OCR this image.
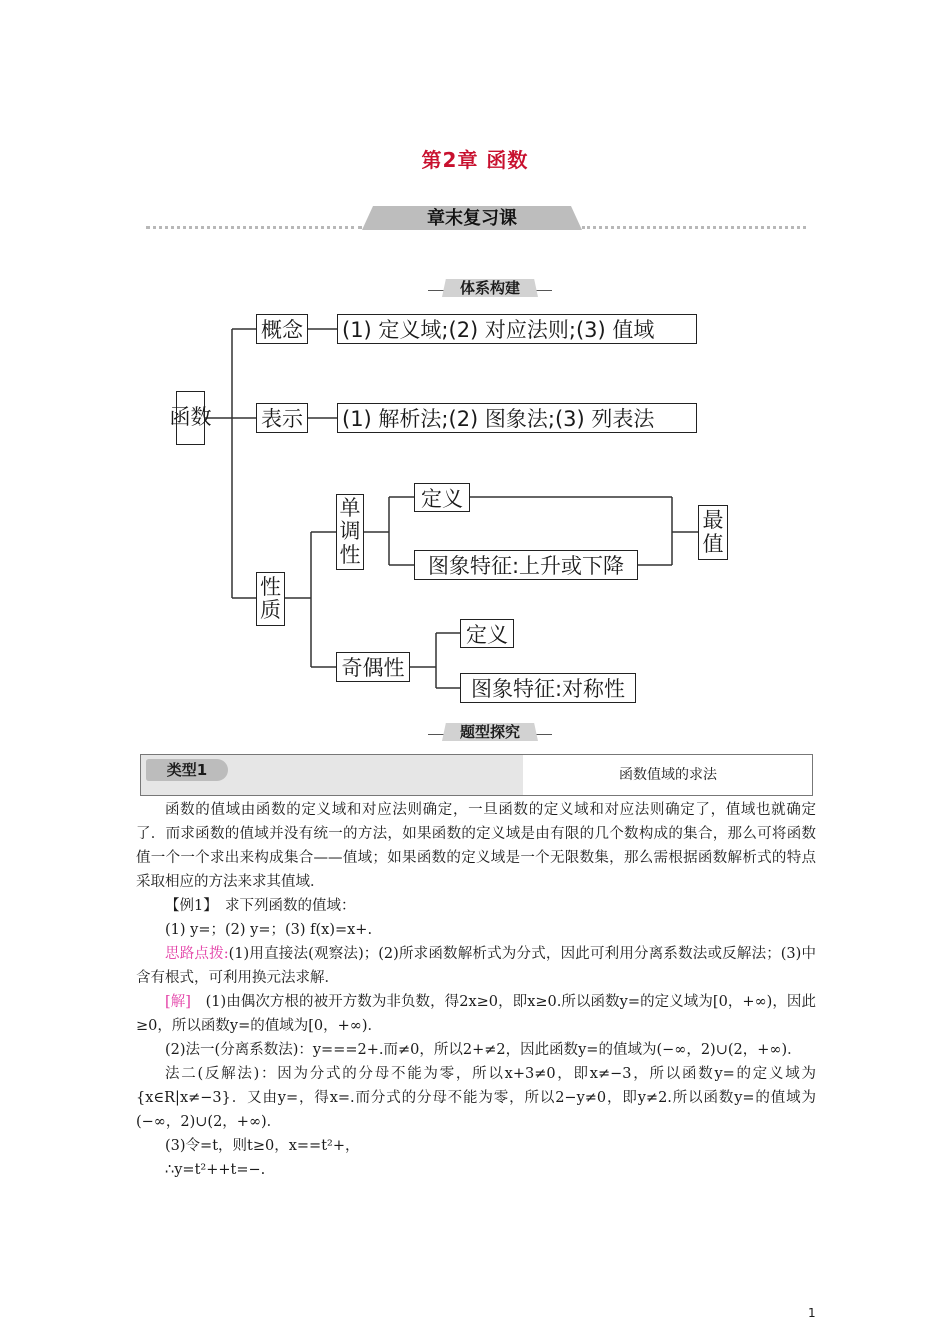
第2章 函数
章末复习课
体系构建
函数
概念 (1) 定义域;(2) 对应法则;(3) 值域
表示 (1) 解析法;(2) 图象法;(3) 列表法
性质
单调性
定义
图象特征:上升或下降
最值
奇偶性
定义
图象特征:对称性
题型探究
类型1	函数值域的求法

函数的值域由函数的定义域和对应法则确定，一旦函数的定义域和对应法则确定了，值域也就确定了．而求函数的值域并没有统一的方法，如果函数的定义域是由有限的几个数构成的集合，那么可将函数值一个一个求出来构成集合——值域；如果函数的定义域是一个无限数集，那么需根据函数解析式的特点采取相应的方法来求其值域．

【例1】　 求下列函数的值域：

(1) y=；(2) y=；(3) f(x)=x+.

思路点拨:(1)用直接法(观察法)；(2)所求函数解析式为分式，因此可利用分离系数法或反解法；(3)中含有根式，可利用换元法求解．

[解]　 (1)由偶次方根的被开方数为非负数，得2x≥0，即x≥0.所以函数y=的定义域为[0，+∞)，因此≥0，所以函数y=的值域为[0，+∞)．

(2)法一(分离系数法)：y===2+.而≠0，所以2+≠2，因此函数y=的值域为(−∞，2)∪(2，+∞)．

法二(反解法)：因为分式的分母不能为零，所以x+3≠0，即x≠−3，所以函数y=的定义域为{x∈R|x≠−3}．又由y=，得x=.而分式的分母不能为零，所以2−y≠0，即y≠2.所以函数y=的值域为(−∞，2)∪(2，+∞)．

(3)令=t，则t≥0，x==t²+，

∴y=t²++t=−.

1
